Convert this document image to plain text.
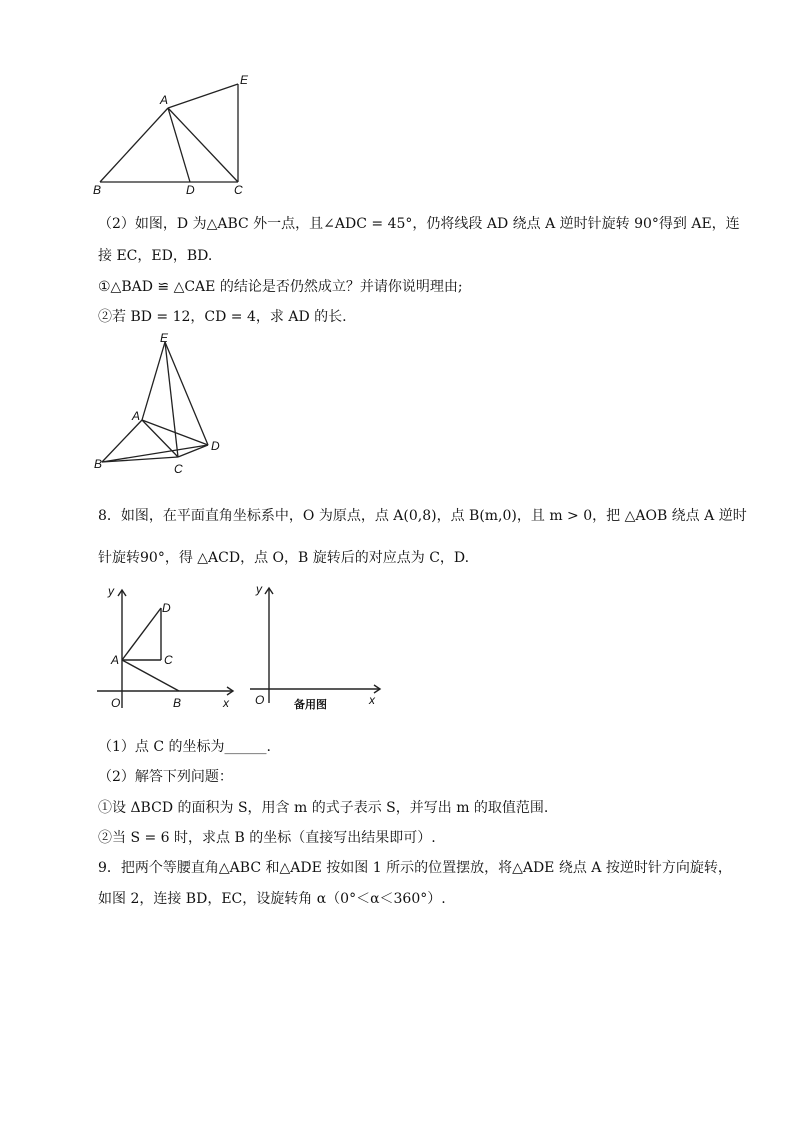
A
B	C
D
E
（2）如图，D 为△ABC 外一点，且∠ADC = 45°，仍将线段 AD 绕点 A 逆时针旋转 90°得到 AE，连
接 EC，ED，BD.
①△BAD ≌ △CAE 的结论是否仍然成立？并请你说明理由;
②若 BD = 12，CD = 4，求 AD 的长.
A
B	C
D
E
8．如图，在平面直角坐标系中，O 为原点，点 A(0,8)，点 B(m,0)，且 m > 0，把 △AOB 绕点 A 逆时
针旋转90°，得 △ACD，点 O，B 旋转后的对应点为 C，D.
y
x
O
A
B
C
D
y
x
O	备用图
（1）点 C 的坐标为______.
（2）解答下列问题：
①设 ΔBCD 的面积为 S，用含 m 的式子表示 S，并写出 m 的取值范围.
②当 S = 6 时，求点 B 的坐标（直接写出结果即可）.
9．把两个等腰直角△ABC 和△ADE 按如图 1 所示的位置摆放，将△ADE 绕点 A 按逆时针方向旋转，
如图 2，连接 BD，EC，设旋转角 α（0°＜α＜360°）.
